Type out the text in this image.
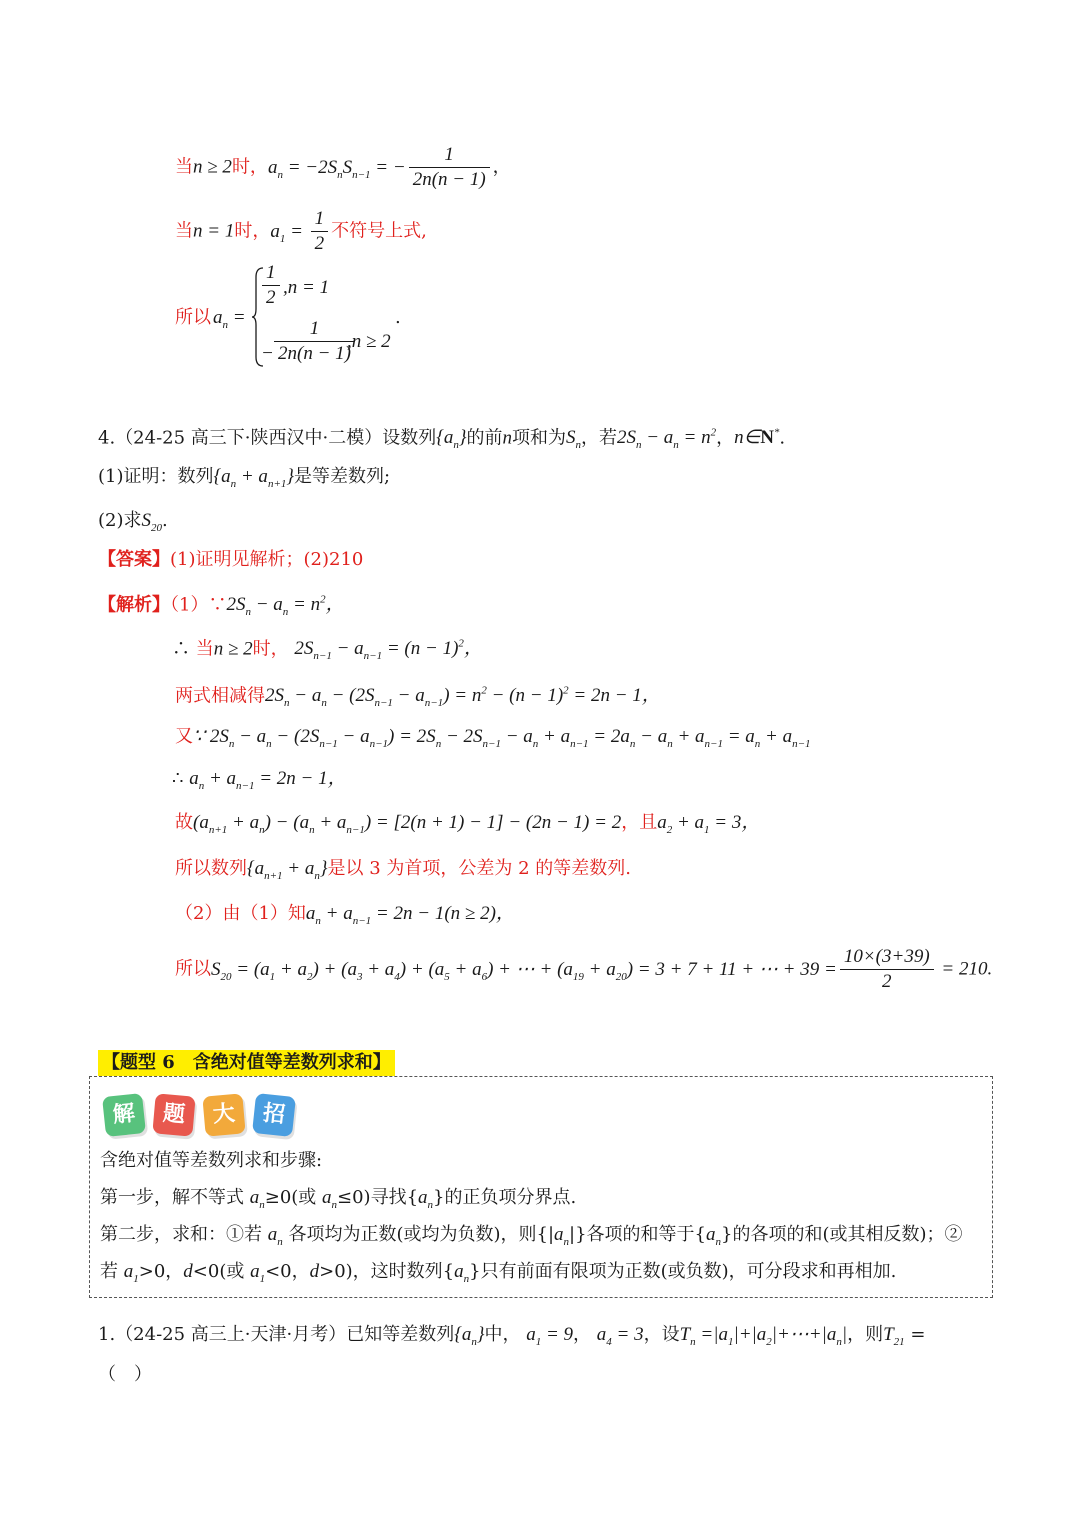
当n ≥ 2时，$a_n = -2S_nS_{n-1}$ = − $\frac{1}{2n(n - 1)}$ ，
当n = 1时，$a_1 = \frac{1}{2}$ 不符号上式,
所以 $a_n$ =
$\frac{1}{2} ,n = 1$
− $\frac{1}{2n(n - 1)}$
,n ≥ 2
.
4.（24-25 高三下·陕西汉中·二模）设数列$\{a_n\}$的前n项和为$S_n$，若$2S_n - a_n = n^2$，n∈N*.
(1)证明：数列$\{a_n + a_{n+1}\}$是等差数列;
(2)求$S_{20}$.
【答案】(1)证明见解析；(2)210
【解析】$(1)\because 2S_n - a_n = n^2$，
∴ 当n ≥ 2时， $2S_{n-1} - a_{n-1} = (n - 1)^2$，
两式相减得$2S_n - a_n - (2S_{n-1} - a_{n-1}) = n^2 - (n - 1)^2 = 2n - 1$，
又∵ $2S_n - a_n - (2S_{n-1} - a_{n-1}) = 2S_n - 2S_{n-1} - a_n + a_{n-1} = 2a_n - a_n + a_{n-1} = a_n + a_{n-1}$
∴ $a_n + a_{n-1} = 2n - 1$，
故$(a_{n+1} + a_n) - (a_n + a_{n-1}) = [2(n + 1) - 1] - (2n - 1) = 2$，且$a_2 + a_1 = 3$，
所以数列$\{a_{n+1} + a_n\}$是以 3 为首项，公差为 2 的等差数列.
（2）由（1）知$a_n + a_{n-1} = 2n - 1(n \ge 2)$，
所以$S_{20} = (a_1 + a_2) + (a_3 + a_4) + (a_5 + a_6)$ + ⋯ + $(a_{19} + a_{20}) = 3 + 7 + 11$ + ⋯ + $39 = \frac{10\times(3+39)}{2} = 210$.
【题型 6　含绝对值等差数列求和】
解	题	大	招
含绝对值等差数列求和步骤:
第一步，解不等式 $a_n\ge 0$(或 $a_n\le 0$)寻找$\{a_n\}$的正负项分界点.
第二步，求和：①若 $a_n$ 各项均为正数(或均为负数)，则$\{|a_n|\}$各项的和等于$\{a_n\}$的各项的和(或其相反数)；②
若 $a_1>0$，d<0(或 $a_1<0$，d>0)，这时数列$\{a_n\}$只有前面有限项为正数(或负数)，可分段求和再相加.
1.（24-25 高三上·天津·月考）已知等差数列$\{a_n\}$中， $a_1 = 9$， $a_4 = 3$，设$T_n$ $=|a_1|+|a_2|+\cdots+|a_n|$，则$T_{21}$ =
（　）
